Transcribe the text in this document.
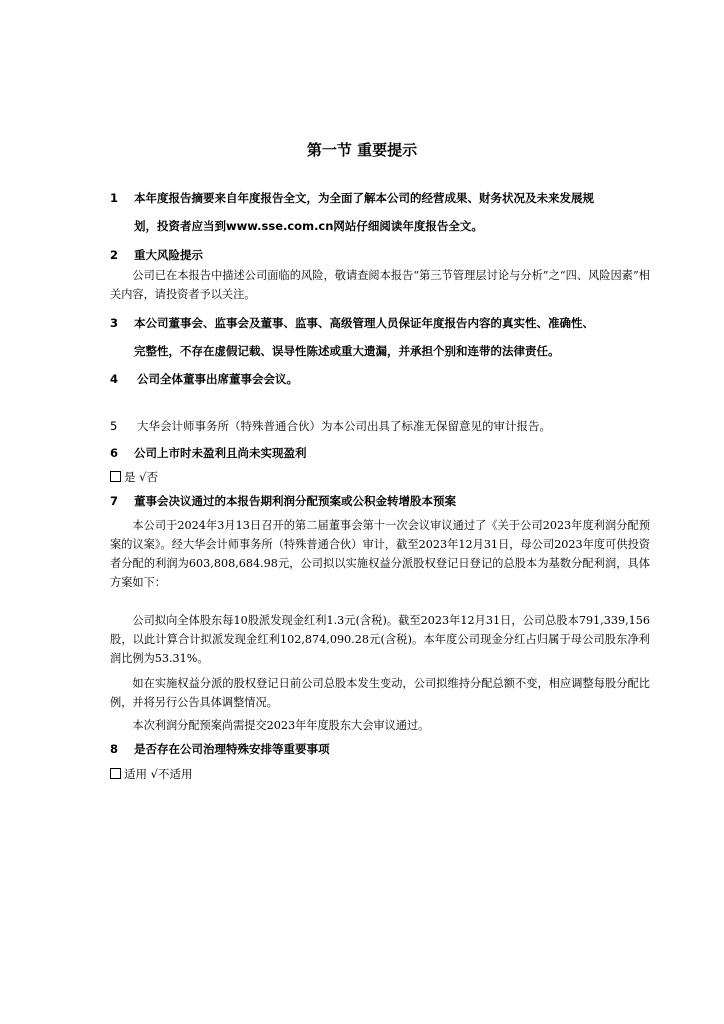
第一节 重要提示
1 本年度报告摘要来自年度报告全文，为全面了解本公司的经营成果、财务状况及未来发展规
划，投资者应当到www.sse.com.cn网站仔细阅读年度报告全文。
2 重大风险提示
公司已在本报告中描述公司面临的风险，敬请查阅本报告“第三节管理层讨论与分析”之“四、风险因素”相关内容，请投资者予以关注。
3 本公司董事会、监事会及董事、监事、高级管理人员保证年度报告内容的真实性、准确性、
完整性，不存在虚假记载、误导性陈述或重大遗漏，并承担个别和连带的法律责任。
4 公司全体董事出席董事会会议。
5 大华会计师事务所（特殊普通合伙）为本公司出具了标准无保留意见的审计报告。
6 公司上市时未盈利且尚未实现盈利
是 √否
7 董事会决议通过的本报告期利润分配预案或公积金转增股本预案
本公司于2024年3月13日召开的第二届董事会第十一次会议审议通过了《关于公司2023年度利润分配预案的议案》。经大华会计师事务所（特殊普通合伙）审计，截至2023年12月31日，母公司2023年度可供投资者分配的利润为603,808,684.98元，公司拟以实施权益分派股权登记日登记的总股本为基数分配利润，具体方案如下：
公司拟向全体股东每10股派发现金红利1.3元(含税)。截至2023年12月31日，公司总股本791,339,156股，以此计算合计拟派发现金红利102,874,090.28元(含税)。本年度公司现金分红占归属于母公司股东净利润比例为53.31%。
如在实施权益分派的股权登记日前公司总股本发生变动，公司拟维持分配总额不变，相应调整每股分配比例，并将另行公告具体调整情况。
本次利润分配预案尚需提交2023年年度股东大会审议通过。
8 是否存在公司治理特殊安排等重要事项
适用 √不适用
